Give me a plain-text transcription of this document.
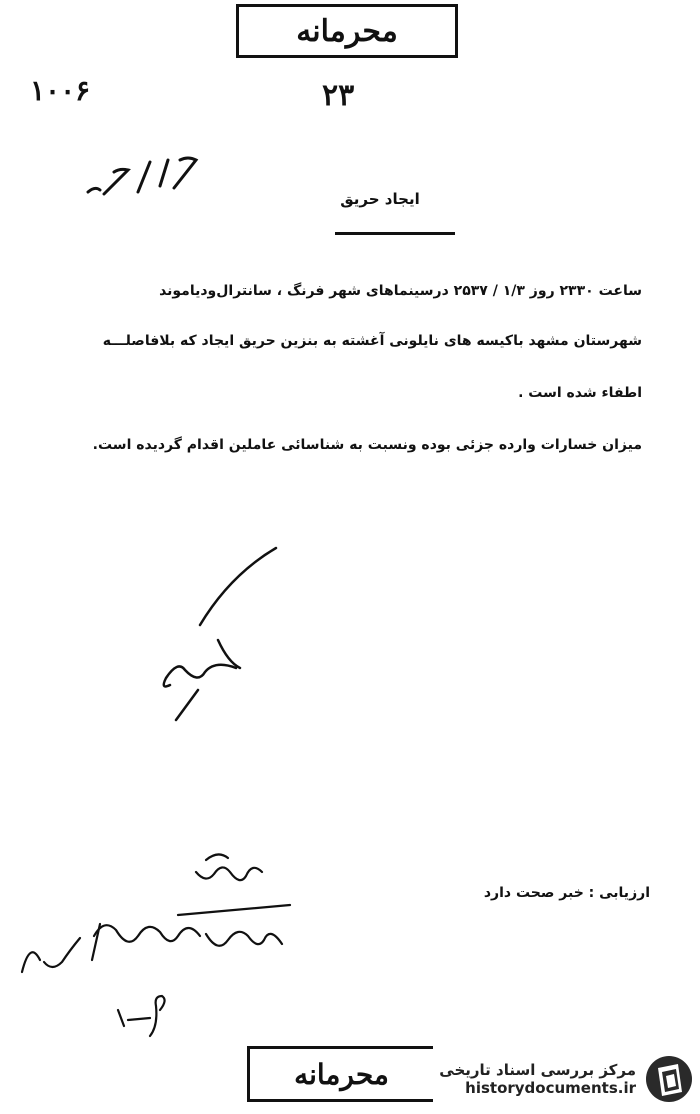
محرمانه
۱۰۰۶	۲۳
ایجاد حریق
ساعت ۲۳۳۰ روز ۱/۳ / ۲۵۳۷ درسینماهای شهر فرنگ ، سانترال‌ود‌یاموند
شهرستان مشهد باکیسه های نایلونی آغشته به بنزین حریق ایجاد که بلافاصلـــه
اطفاء شده است .
میزان خسارات وارده جزئی بوده ونسبت به شناسائی عاملین اقدام گردیده است.
ارزیابی : خبر صحت دارد
محرمانه	مرکز بررسی اسناد تاریخی
historydocuments.ir
